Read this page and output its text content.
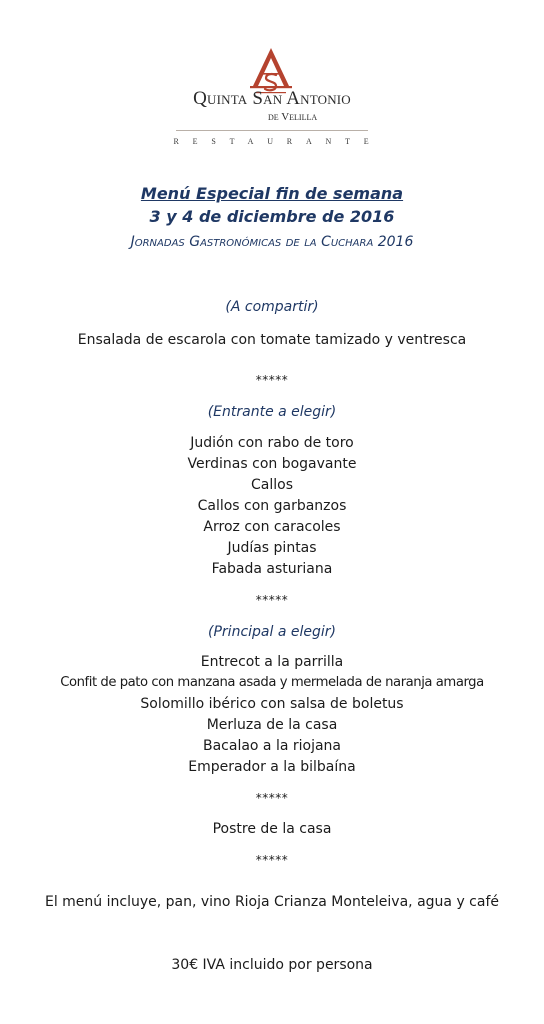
Quinta San Antonio
de Velilla
RESTAURANTE
Menú Especial fin de semana
3 y 4 de diciembre de 2016
Jornadas Gastronómicas de la Cuchara 2016
(A compartir)
Ensalada de escarola con tomate tamizado y ventresca
*****
(Entrante a elegir)
Judión con rabo de toro
Verdinas con bogavante
Callos
Callos con garbanzos
Arroz con caracoles
Judías pintas
Fabada asturiana
*****
(Principal a elegir)
Entrecot a la parrilla
Confit de pato con manzana asada y mermelada de naranja amarga
Solomillo ibérico con salsa de boletus
Merluza de la casa
Bacalao a la riojana
Emperador a la bilbaína
*****
Postre de la casa
*****
El menú incluye, pan, vino Rioja Crianza Monteleiva, agua y café
30€ IVA incluido por persona
